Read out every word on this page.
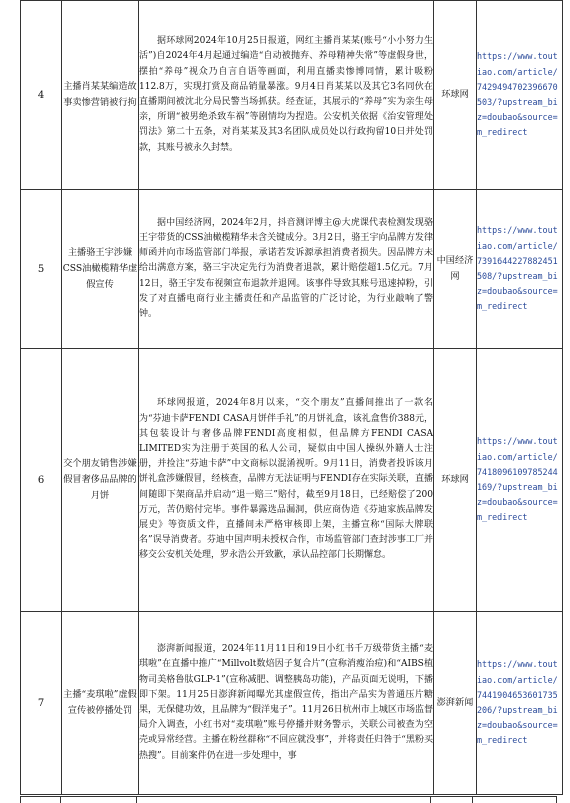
4	主播肖某某编造故事卖惨营销被行拘	据环球网2024年10月25日报道，网红主播肖某某(账号“小小努力生活”)自2024年4月起通过编造“自动被抛弃、养母精神失常”等虚假身世，摆拍“养母”视众乃自言自语等画面，利用直播卖惨博同情，累计吸粉112.8万，实现打赏及商品销量暴涨。9月4日肖某某以及其它3名同伙在直播期间被沈北分局民警当场抓获。经查证，其展示的“养母”实为亲生母亲，所谓“被男绝杀致车祸”等剧情均为捏造。公安机关依据《治安管理处罚法》第二十五条，对肖某某及其3名团队成员处以行政拘留10日并处罚款，其账号被永久封禁。	环球网	https://www.toutiao.com/article/7429494702396670503/?upstream_biz=doubao&source=m_redirect
5	主播骆王宇涉嫌CSS油橄榄精华虚假宣传	据中国经济网，2024年2月，抖音测评博主@大虎课代表检测发现骆王宇带货的CSS油橄榄精华未含关键成分。3月2日，骆王宇向品牌方发律师函并向市场监管部门举报，承诺若发诉源承担消费者损失。因品牌方未给出满意方案，骆三宇决定先行为消费者退款，累计赔偿超1.5亿元。7月12日，骆王宇发布视频宣布退款并退网。该事件导致其账号迅速掉粉，引发了对直播电商行业主播责任和产品监管的广泛讨论，为行业敲响了警钟。	中国经济网	https://www.toutiao.com/article/7391644227882451508/?upstream_biz=doubao&source=m_redirect
6	交个朋友销售涉嫌假冒奢侈品品牌的月饼	环球网报道，2024年8月以来，“交个朋友”直播间推出了一款名为“芬迪卡萨FENDI CASA月饼伴手礼”的月饼礼盒，该礼盒售价388元，其包装设计与奢侈品牌FENDI高度相似，但品牌方FENDI CASA LIMITED实为注册于英国的私人公司，疑似由中国人操纵外籍人士注册，并捡注“芬迪卡萨”中文商标以混淆视听。9月11日，消费者投诉该月饼礼盒涉嫌假冒，经核查，品牌方无法证明与FENDI存在实际关联，直播间随即下架商品并启动“退一赔三”赔付，截至9月18日，已经赔偿了200万元，苦仍赔付完毕。事件暴露选品漏洞，供应商伪造《芬迪家族品牌发展史》等资质文件，直播间未严格审核即上架，主播宣称“国际大牌联名”误导消费者。芬迪中国声明未授权合作，市场监管部门查封涉事工厂并移交公安机关处理，罗永浩公开致歉，承认品控部门长期懈怠。	环球网	https://www.toutiao.com/article/7418096109785244169/?upstream_biz=doubao&source=m_redirect
7	主播“麦琪啦”虚假宣传被停播处罚	澎湃新闻报道，2024年11月11日和19日小红书千万级带货主播“麦琪啦”在直播中推广“Millvolt数焙因子复合片”(宣称消瘦治痘)和“AIBS植物司美格鲁肽GLP-1”(宣称减肥、调整胰岛功能)，产品页面无说明，下播即下架。11月25日澎湃新闻曝光其虚假宣传，指出产品实为普通压片糖果，无保健功效，且品牌为“假洋鬼子”。11月26日杭州市上城区市场监督局介入调查，小红书对“麦琪啦”账号停播并财务警示，关联公司被查为空壳或异常经营。主播在粉丝群称“不回应就没事”，并将责任归咎于“黑粉买热搜”。目前案件仍在进一步处理中，事	澎湃新闻	https://www.toutiao.com/article/7441904653601735206/?upstream_biz=doubao&source=m_redirect
